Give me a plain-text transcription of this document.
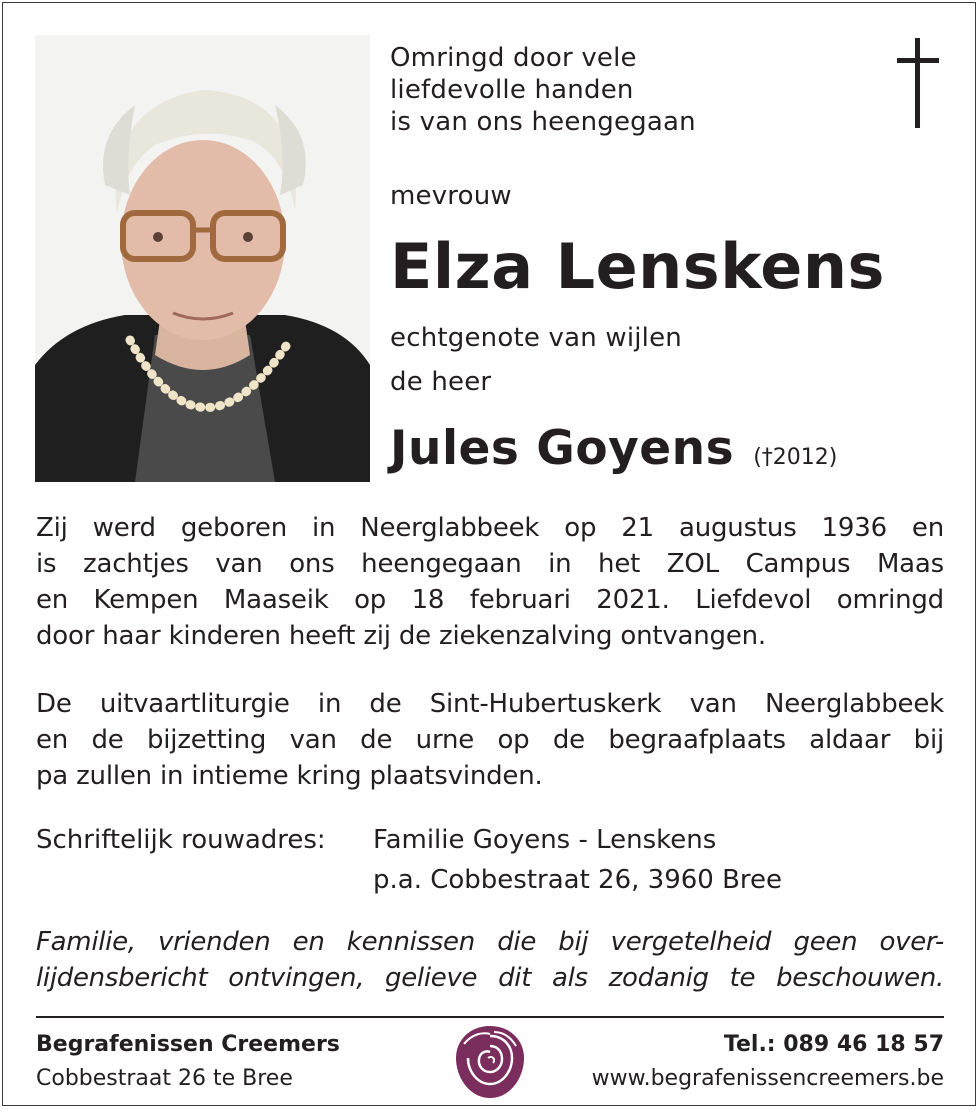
Omringd door vele
liefdevolle handen
is van ons heengegaan
mevrouw
Elza Lenskens
echtgenote van wijlen
de heer
Jules Goyens (†2012)
Zij werd geboren in Neerglabbeek op 21 augustus 1936 en
is zachtjes van ons heengegaan in het ZOL Campus Maas
en Kempen Maaseik op 18 februari 2021. Liefdevol omringd
door haar kinderen heeft zij de ziekenzalving ontvangen.
De uitvaartliturgie in de Sint-Hubertuskerk van Neerglabbeek
en de bijzetting van de urne op de begraafplaats aldaar bij
pa zullen in intieme kring plaatsvinden.
Schriftelijk rouwadres: Familie Goyens - Lenskens
p.a. Cobbestraat 26, 3960 Bree
Familie, vrienden en kennissen die bij vergetelheid geen over-
lijdensbericht ontvingen, gelieve dit als zodanig te beschouwen.
Begrafenissen Creemers
Cobbestraat 26 te Bree
Tel.: 089 46 18 57
www.begrafenissencreemers.be
